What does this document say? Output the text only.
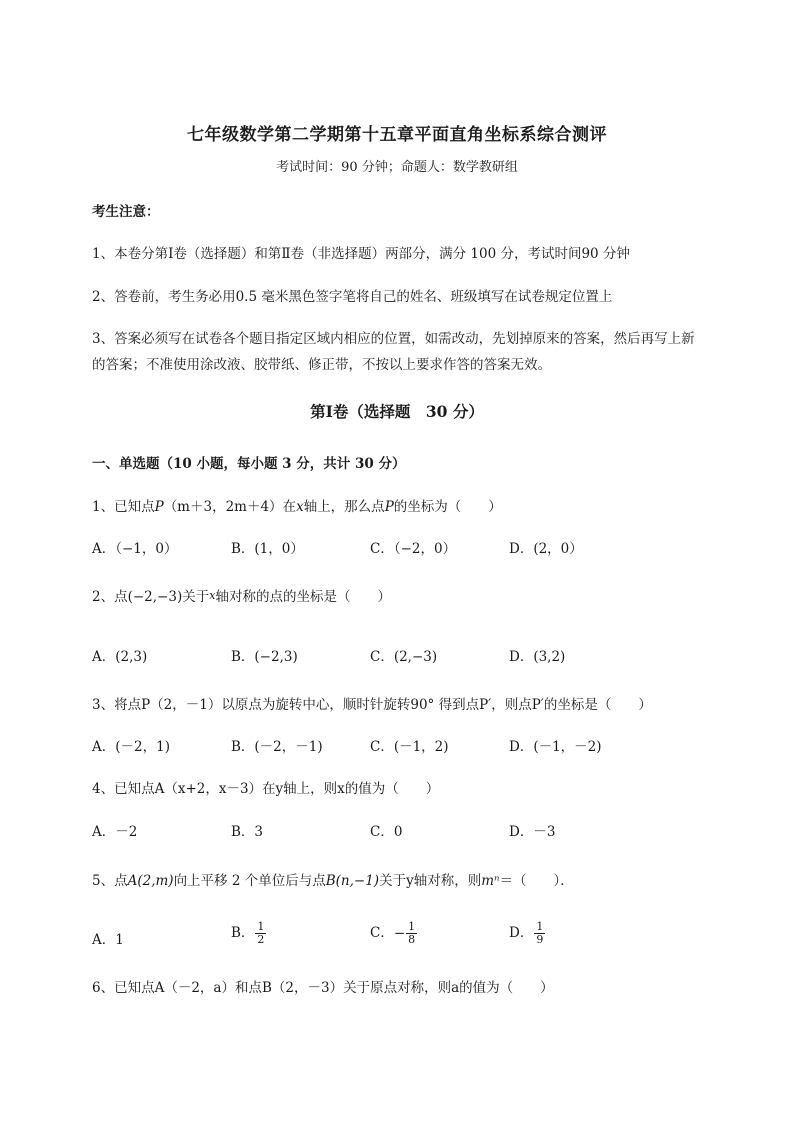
七年级数学第二学期第十五章平面直角坐标系综合测评
考试时间：90 分钟；命题人：数学教研组
考生注意：
1、本卷分第Ⅰ卷（选择题）和第Ⅱ卷（非选择题）两部分，满分 100 分，考试时间90 分钟
2、答卷前，考生务必用0.5 毫米黑色签字笔将自己的姓名、班级填写在试卷规定位置上
3、答案必须写在试卷各个题目指定区域内相应的位置，如需改动，先划掉原来的答案，然后再写上新
的答案；不准使用涂改液、胶带纸、修正带，不按以上要求作答的答案无效。
第Ⅰ卷（选择题　30 分）
一、单选题（10 小题，每小题 3 分，共计 30 分）
1、已知点P（m＋3，2m＋4）在x轴上，那么点P的坐标为（　　）
A．（−1，0）	B．(1，0）	C．（−2，0）	D．(2，0）
2、点(−2,−3)关于x轴对称的点的坐标是（　　）
A．(2,3)	B．(−2,3)	C．(2,−3)	D．(3,2)
3、将点P（2，－1）以原点为旋转中心，顺时针旋转90° 得到点P′，则点P′的坐标是（　　）
A．(－2，1)	B．(－2，－1)	C．(－1，2)	D．(－1，－2)
4、已知点A（x+2，x－3）在y轴上，则x的值为（　　）
A．－2	B．3	C．0	D．－3
5、点A(2,m)向上平移 2 个单位后与点B(n,−1)关于y轴对称，则mⁿ＝（　　）．
A．1	B． $\frac{1}{2}$	C．− $\frac{1}{8}$	D． $\frac{1}{9}$
6、已知点A（－2，a）和点B（2，－3）关于原点对称，则a的值为（　　）
